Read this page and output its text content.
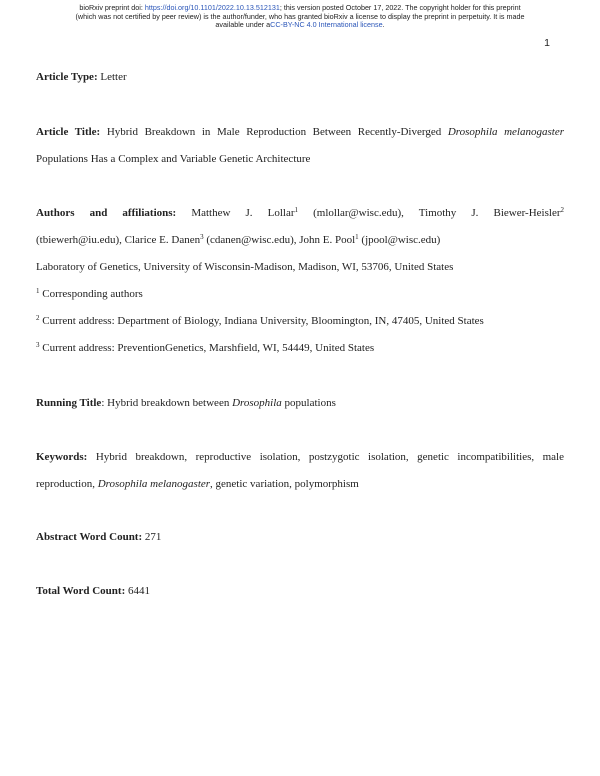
bioRxiv preprint doi: https://doi.org/10.1101/2022.10.13.512131; this version posted October 17, 2022. The copyright holder for this preprint
(which was not certified by peer review) is the author/funder, who has granted bioRxiv a license to display the preprint in perpetuity. It is made
available under aCC-BY-NC 4.0 International license.
1
Article Type: Letter
Article Title: Hybrid Breakdown in Male Reproduction Between Recently-Diverged Drosophila melanogaster
Populations Has a Complex and Variable Genetic Architecture
Authors and affiliations: Matthew J. Lollar$^1$ (mlollar@wisc.edu), Timothy J. Biewer-Heisler$^2$
(tbiewerh@iu.edu), Clarice E. Danen$^3$ (cdanen@wisc.edu), John E. Pool$^1$ (jpool@wisc.edu)
Laboratory of Genetics, University of Wisconsin-Madison, Madison, WI, 53706, United States
$^1$ Corresponding authors
$^2$ Current address: Department of Biology, Indiana University, Bloomington, IN, 47405, United States
$^3$ Current address: PreventionGenetics, Marshfield, WI, 54449, United States
Running Title: Hybrid breakdown between Drosophila populations
Keywords: Hybrid breakdown, reproductive isolation, postzygotic isolation, genetic incompatibilities, male
reproduction, Drosophila melanogaster, genetic variation, polymorphism
Abstract Word Count: 271
Total Word Count: 6441
